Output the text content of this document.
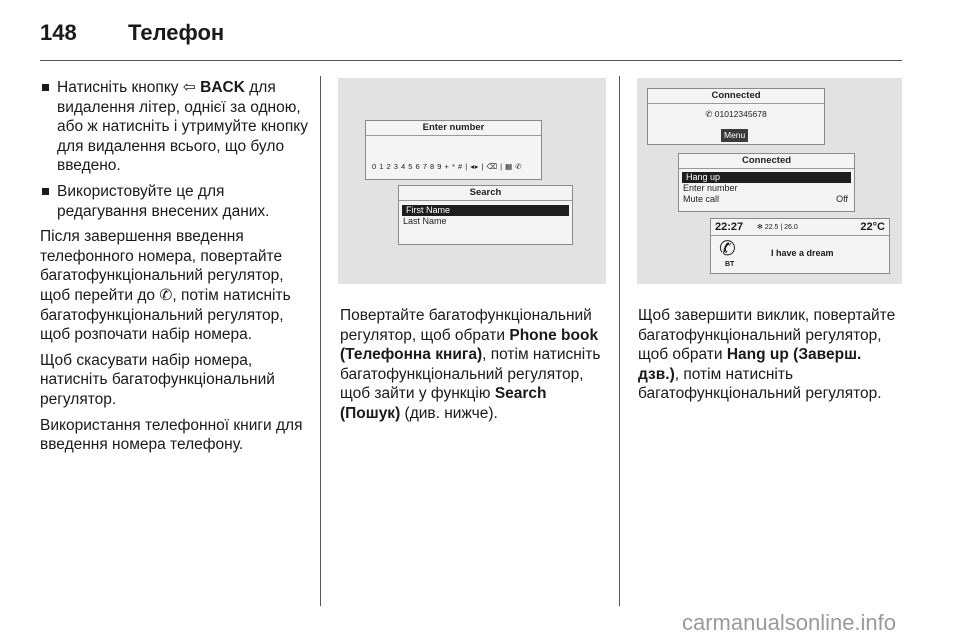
148 Телефон
Натисніть кнопку ⇦ BACK для видалення літер, однієї за одною, або ж натисніть і утримуйте кнопку для видалення всього, що було введено.
Використовуйте це для редагування внесених даних.

Після завершення введення телефонного номера, повертайте багатофункціональний регулятор, щоб перейти до ✆, потім натисніть багатофункціональний регулятор, щоб розпочати набір номера.

Щоб скасувати набір номера, натисніть багатофункціональний регулятор.

Використання телефонної книги для введення номера телефону.

Enter number
0 1 2 3 4 5 6 7 8 9 + * # | ◂▸ | ⌫ | ▦ ✆
Search
First Name
Last Name

Повертайте багатофункціональний регулятор, щоб обрати Phone book (Телефонна книга), потім натисніть багатофункціональний регулятор, щоб зайти у функцію Search (Пошук) (див. нижче).

Connected
✆ 01012345678
Menu
Connected
Hang up
Enter number
Mute call	Off
22:27 ✻ 22.5 | 26.0	22°C
✆
BT
I have a dream

Щоб завершити виклик, повертайте багатофункціональний регулятор, щоб обрати Hang up (Заверш. дзв.), потім натисніть багатофункціональний регулятор.

carmanualsonline.info
